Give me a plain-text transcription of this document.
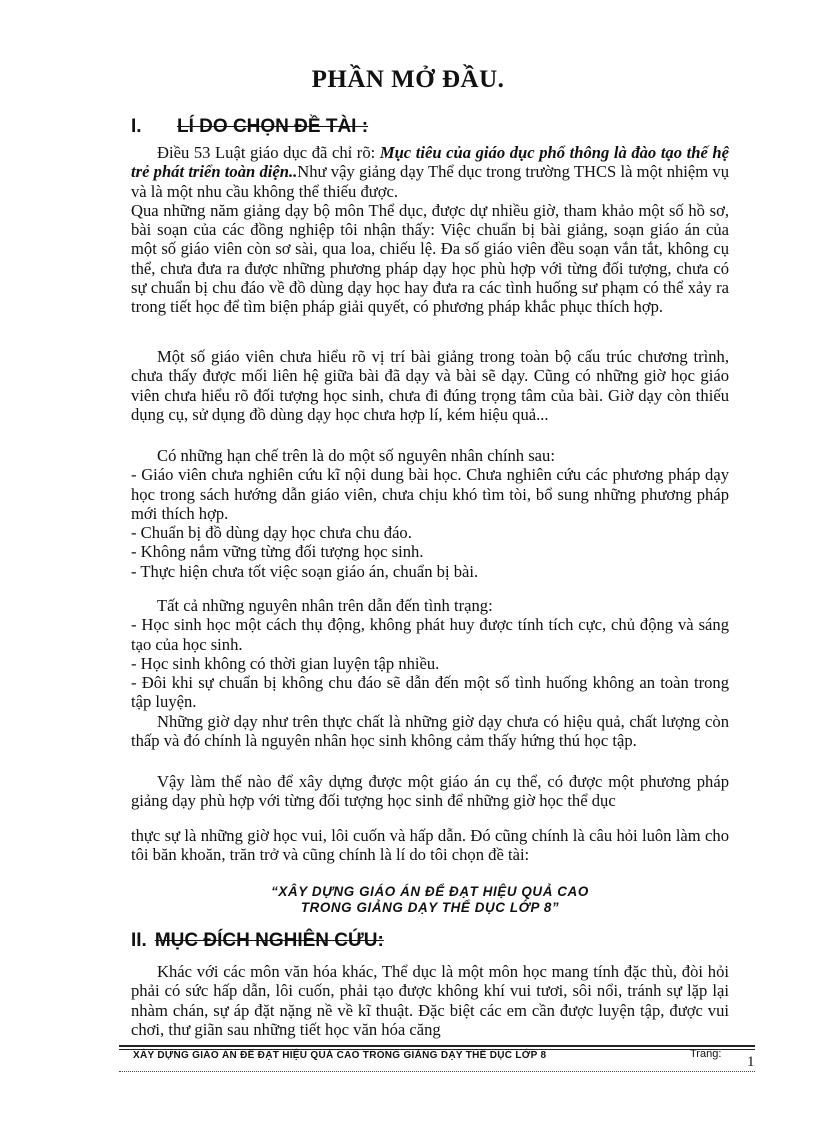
PHẦN MỞ ĐẦU.
I. LÍ DO CHỌN ĐỀ TÀI :

Điều 53 Luật giáo dục đã chỉ rõ: Mục tiêu của giáo dục phổ thông là đào tạo thế hệ trẻ phát triển toàn diện..Như vậy giảng dạy Thể dục trong trường THCS là một nhiệm vụ và là một nhu cầu không thể thiếu được.

Qua những năm giảng dạy bộ môn Thể dục, được dự nhiều giờ, tham khảo một số hồ sơ, bài soạn của các đồng nghiệp tôi nhận thấy: Việc chuẩn bị bài giảng, soạn giáo án của một số giáo viên còn sơ sài, qua loa, chiếu lệ. Đa số giáo viên đều soạn vắn tắt, không cụ thể, chưa đưa ra được những phương pháp dạy học phù hợp với từng đối tượng, chưa có sự chuẩn bị chu đáo về đồ dùng dạy học hay đưa ra các tình huống sư phạm có thể xảy ra trong tiết học để tìm biện pháp giải quyết, có phương pháp khắc phục thích hợp.

Một số giáo viên chưa hiểu rõ vị trí bài giảng trong toàn bộ cấu trúc chương trình, chưa thấy được mối liên hệ giữa bài đã dạy và bài sẽ dạy. Cũng có những giờ học giáo viên chưa hiểu rõ đối tượng học sinh, chưa đi đúng trọng tâm của bài. Giờ dạy còn thiếu dụng cụ, sử dụng đồ dùng dạy học chưa hợp lí, kém hiệu quả...

Có những hạn chế trên là do một số nguyên nhân chính sau:

- Giáo viên chưa nghiên cứu kĩ nội dung bài học. Chưa nghiên cứu các phương pháp dạy học trong sách hướng dẫn giáo viên, chưa chịu khó tìm tòi, bổ sung những phương pháp mới thích hợp.

- Chuẩn bị đồ dùng dạy học chưa chu đáo.

- Không nắm vững từng đối tượng học sinh.

- Thực hiện chưa tốt việc soạn giáo án, chuẩn bị bài.

Tất cả những nguyên nhân trên dẫn đến tình trạng:

- Học sinh học một cách thụ động, không phát huy được tính tích cực, chủ động và sáng tạo của học sinh.

- Học sinh không có thời gian luyện tập nhiều.

- Đôi khi sự chuẩn bị không chu đáo sẽ dẫn đến một số tình huống không an toàn trong tập luyện.

Những giờ dạy như trên thực chất là những giờ dạy chưa có hiệu quả, chất lượng còn thấp và đó chính là nguyên nhân học sinh không cảm thấy hứng thú học tập.

Vậy làm thế nào để xây dựng được một giáo án cụ thể, có được một phương pháp giảng dạy phù hợp với từng đối tượng học sinh để những giờ học thể dục

thực sự là những giờ học vui, lôi cuốn và hấp dẫn. Đó cũng chính là câu hỏi luôn làm cho tôi băn khoăn, trăn trở và cũng chính là lí do tôi chọn đề tài:

“XÂY DỰNG GIÁO ÁN ĐỂ ĐẠT HIỆU QUẢ CAO
TRONG GIẢNG DẠY THỂ DỤC LỚP 8”
II. MỤC ĐÍCH NGHIÊN CỨU:

Khác với các môn văn hóa khác, Thể dục là một môn học mang tính đặc thù, đòi hỏi phải có sức hấp dẫn, lôi cuốn, phải tạo được không khí vui tươi, sôi nổi, tránh sự lặp lại nhàm chán, sự áp đặt nặng nề về kĩ thuật. Đặc biệt các em cần được luyện tập, được vui chơi, thư giãn sau những tiết học văn hóa căng

XÂY DỰNG GIÁO ÁN ĐỂ ĐẠT HIỆU QUẢ CAO TRONG GIẢNG DẠY THỂ DỤC LỚP 8	Trang: 1
